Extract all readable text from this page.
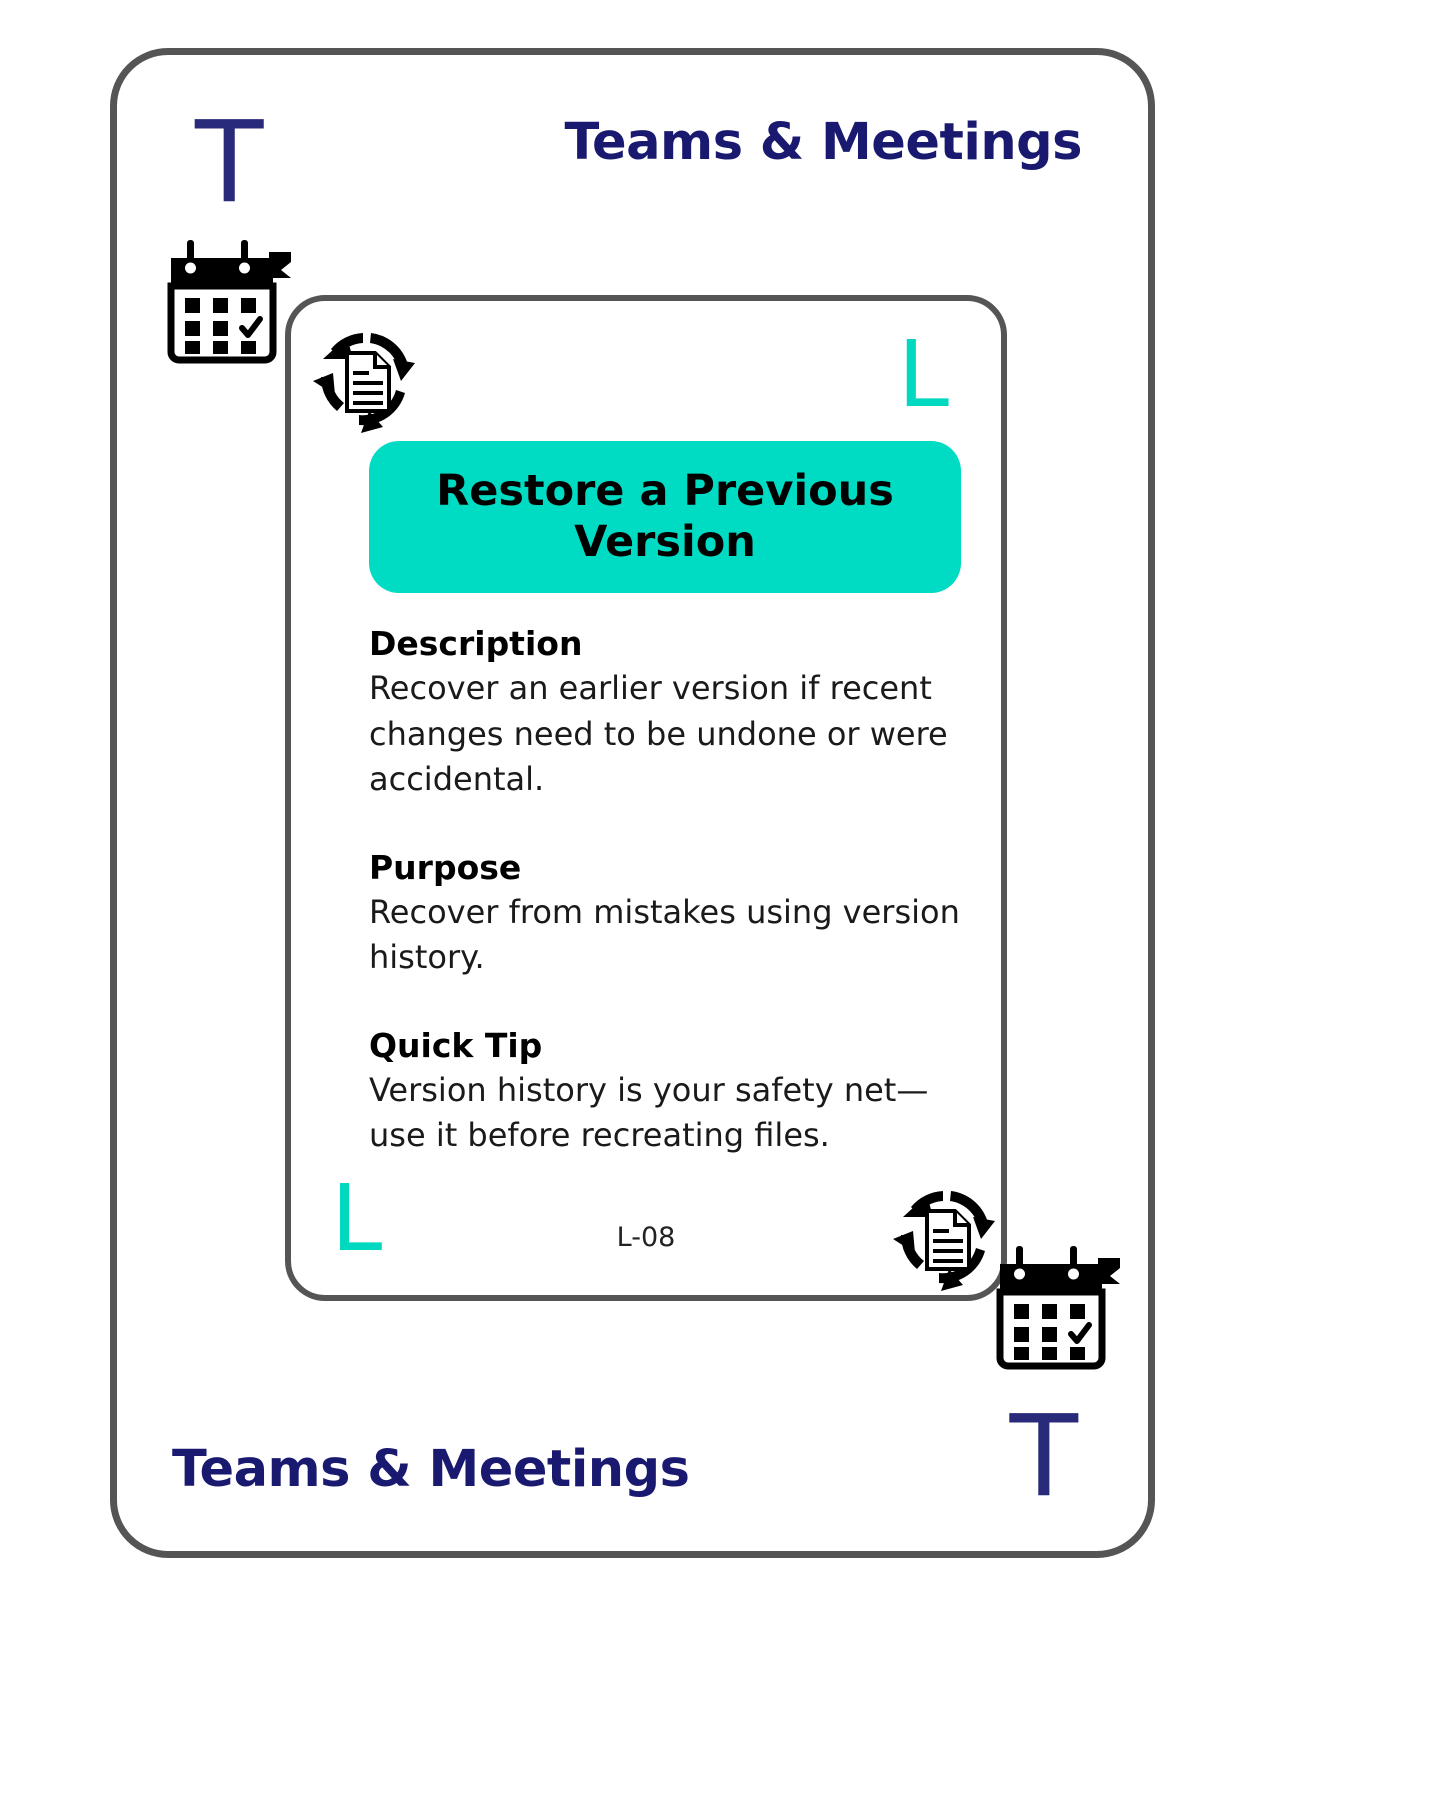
Teams & Meetings
T
L
Restore a Previous Version
Description
Recover an earlier version if recent changes need to be undone or were accidental.
Purpose
Recover from mistakes using version history.
Quick Tip
Version history is your safety net—use it before recreating files.
L	L-08
T
Teams & Meetings
